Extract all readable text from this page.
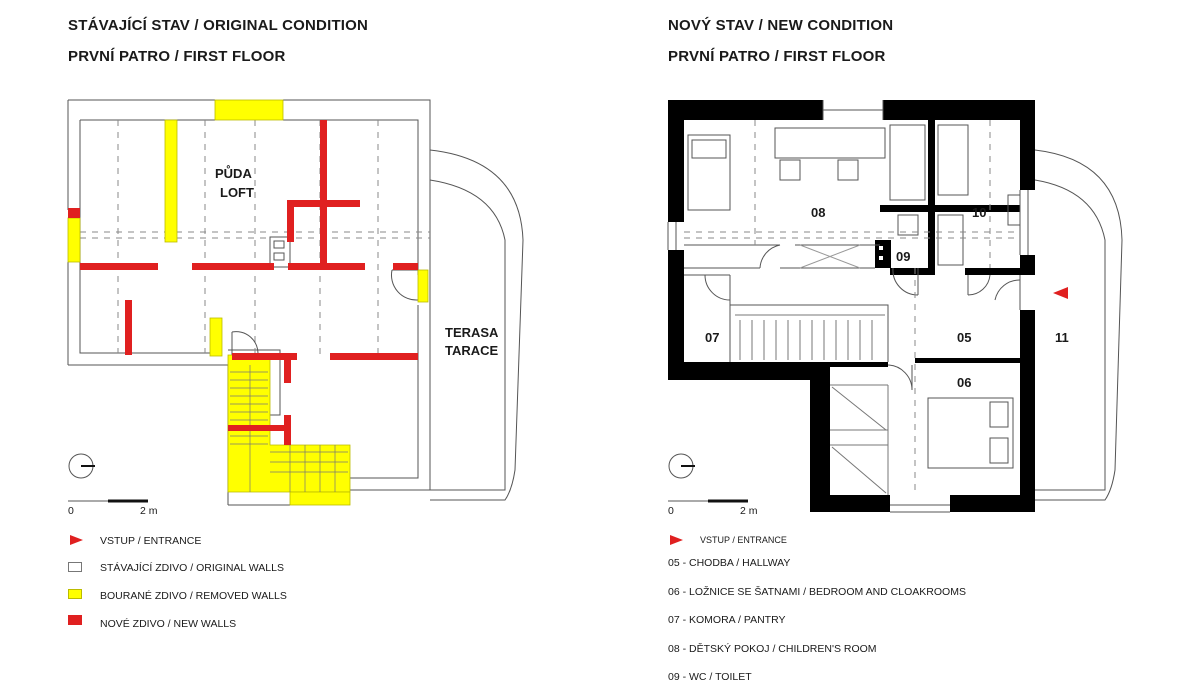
STÁVAJÍCÍ STAV / ORIGINAL CONDITION
PRVNÍ PATRO / FIRST FLOOR
PŮDA
LOFT
TERASA
TARACE
0	2 m
VSTUP / ENTRANCE
STÁVAJÍCÍ ZDIVO / ORIGINAL WALLS
BOURANÉ ZDIVO / REMOVED WALLS
NOVÉ ZDIVO / NEW WALLS
NOVÝ STAV / NEW CONDITION
PRVNÍ PATRO / FIRST FLOOR
05
06
07
08
09
10
11
0	2 m
VSTUP / ENTRANCE
05 - CHODBA / HALLWAY
06 - LOŽNICE SE ŠATNAMI / BEDROOM AND CLOAKROOMS
07 - KOMORA / PANTRY
08 - DĚTSKÝ POKOJ / CHILDREN'S ROOM
09 - WC / TOILET
